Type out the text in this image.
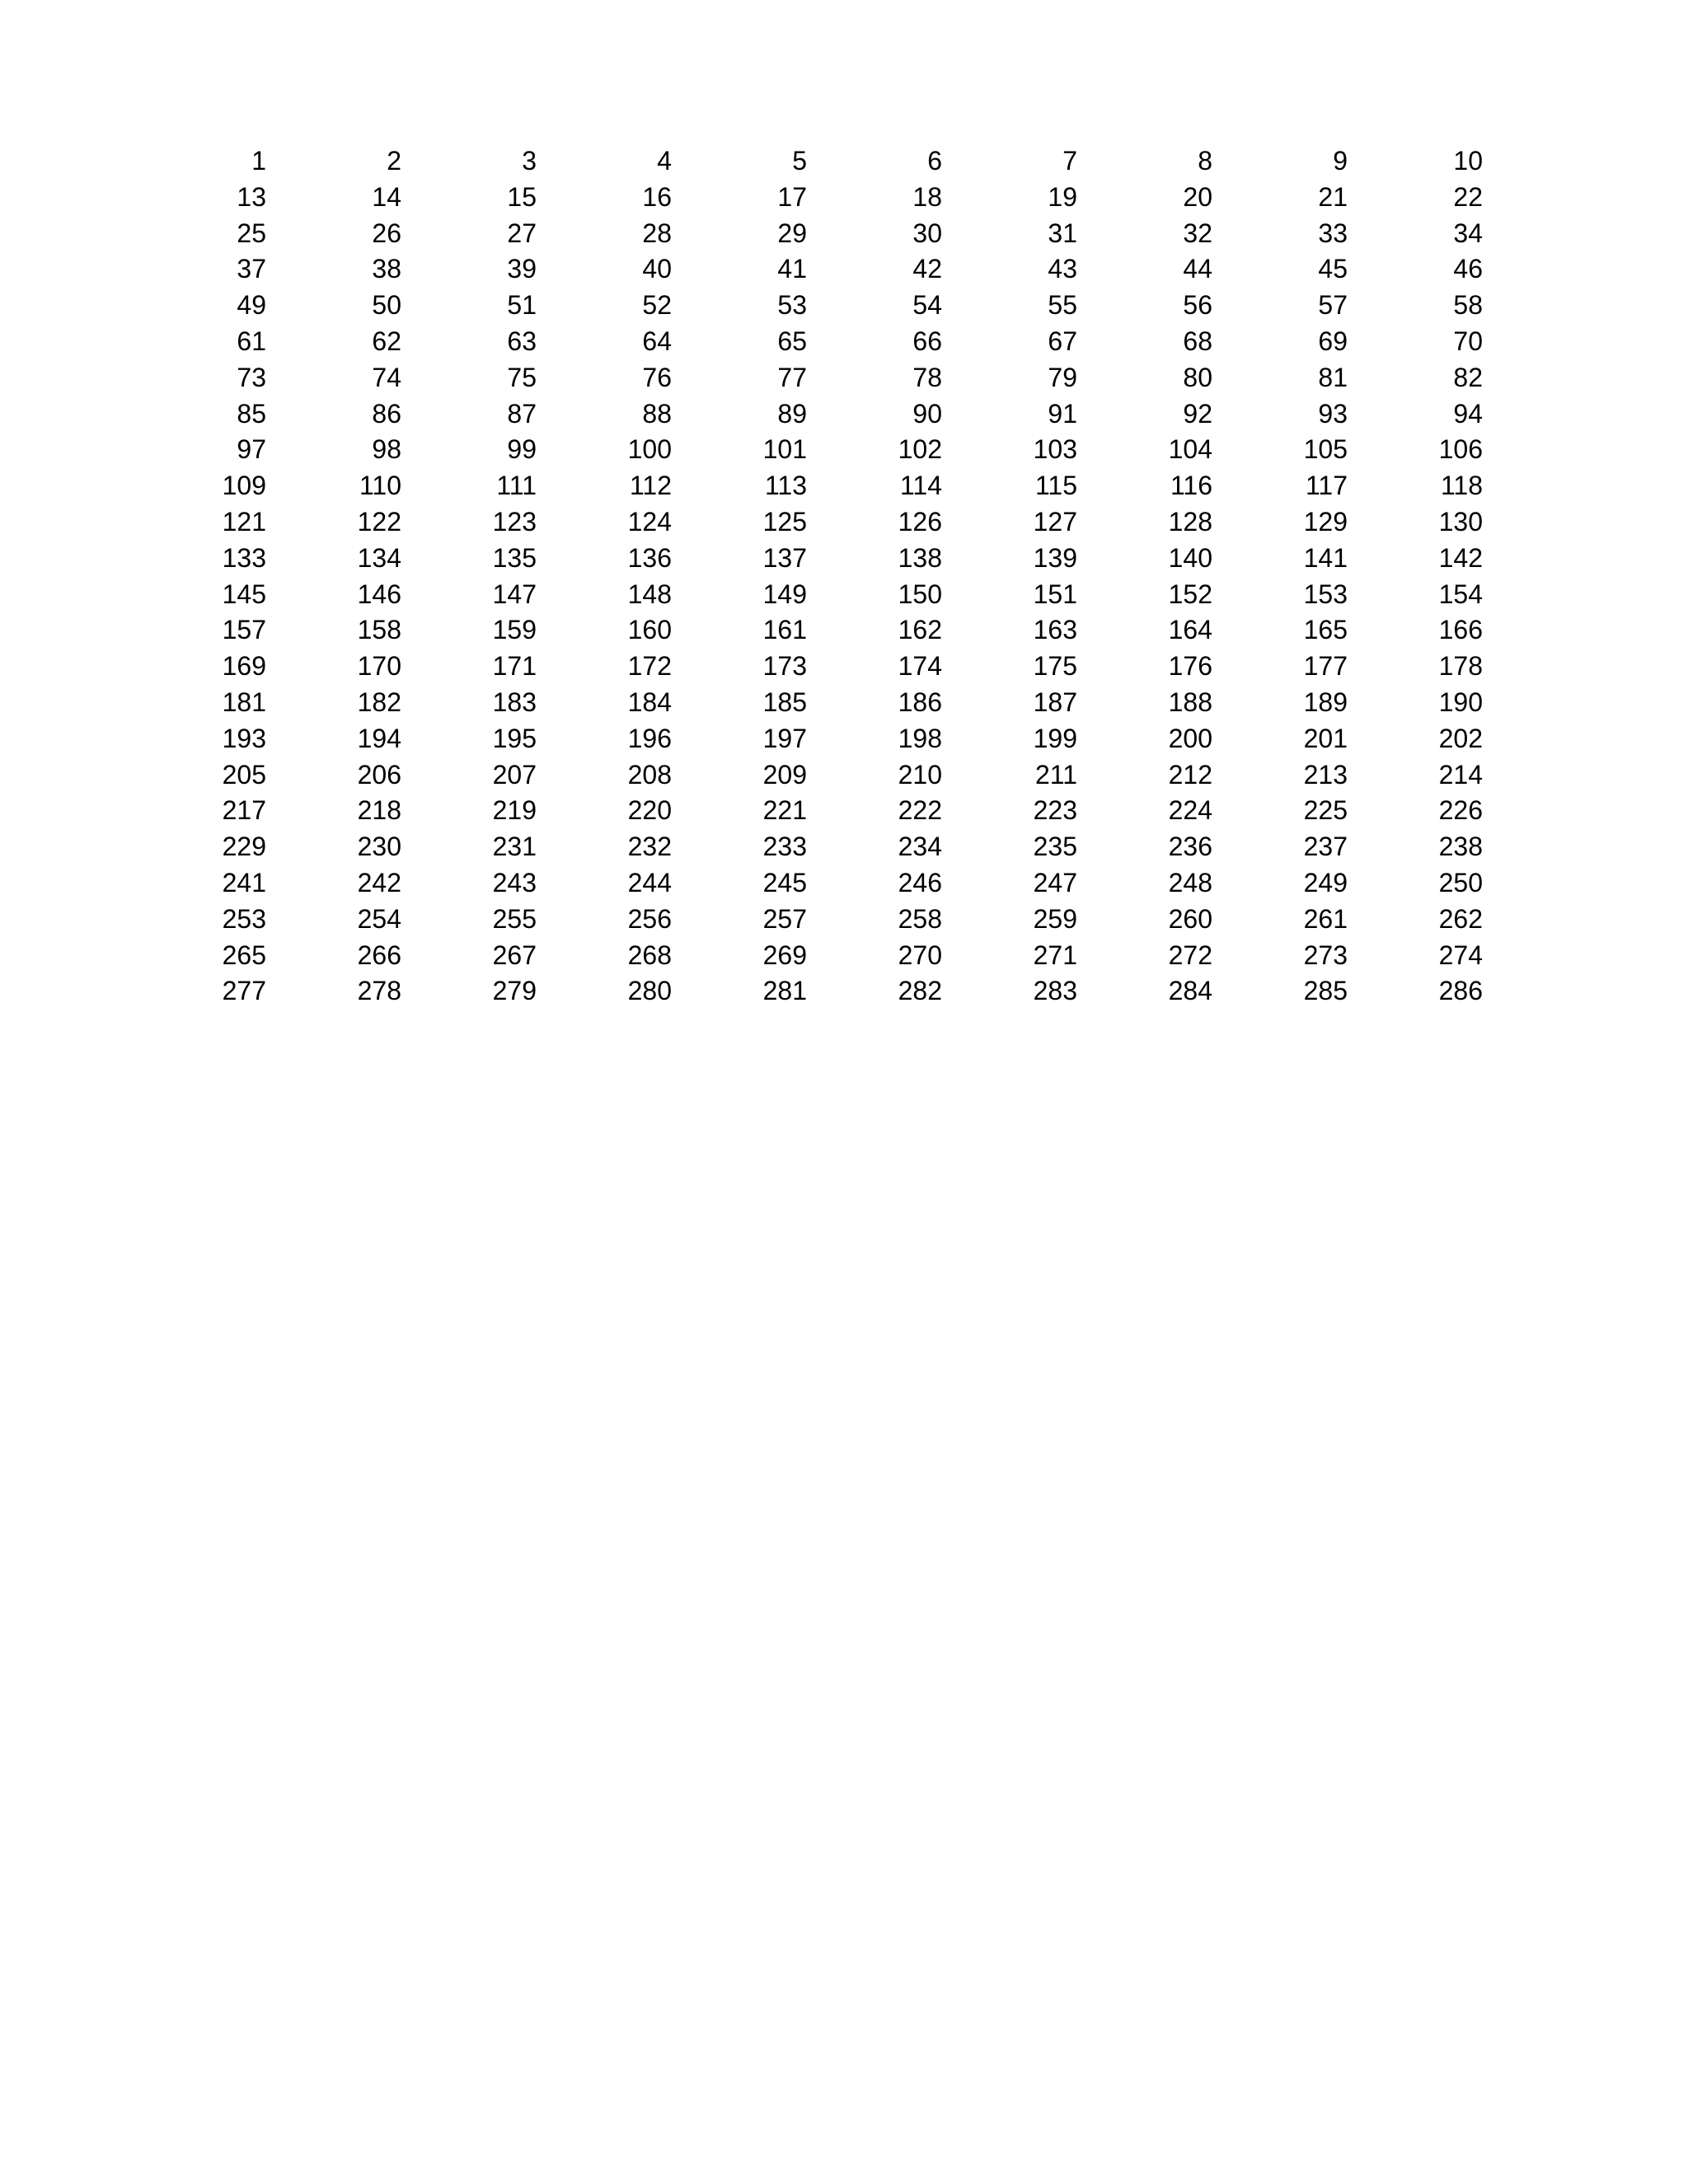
1	2	3	4	5	6	7	8	9	10
13	14	15	16	17	18	19	20	21	22
25	26	27	28	29	30	31	32	33	34
37	38	39	40	41	42	43	44	45	46
49	50	51	52	53	54	55	56	57	58
61	62	63	64	65	66	67	68	69	70
73	74	75	76	77	78	79	80	81	82
85	86	87	88	89	90	91	92	93	94
97	98	99	100	101	102	103	104	105	106
109	110	111	112	113	114	115	116	117	118
121	122	123	124	125	126	127	128	129	130
133	134	135	136	137	138	139	140	141	142
145	146	147	148	149	150	151	152	153	154
157	158	159	160	161	162	163	164	165	166
169	170	171	172	173	174	175	176	177	178
181	182	183	184	185	186	187	188	189	190
193	194	195	196	197	198	199	200	201	202
205	206	207	208	209	210	211	212	213	214
217	218	219	220	221	222	223	224	225	226
229	230	231	232	233	234	235	236	237	238
241	242	243	244	245	246	247	248	249	250
253	254	255	256	257	258	259	260	261	262
265	266	267	268	269	270	271	272	273	274
277	278	279	280	281	282	283	284	285	286
